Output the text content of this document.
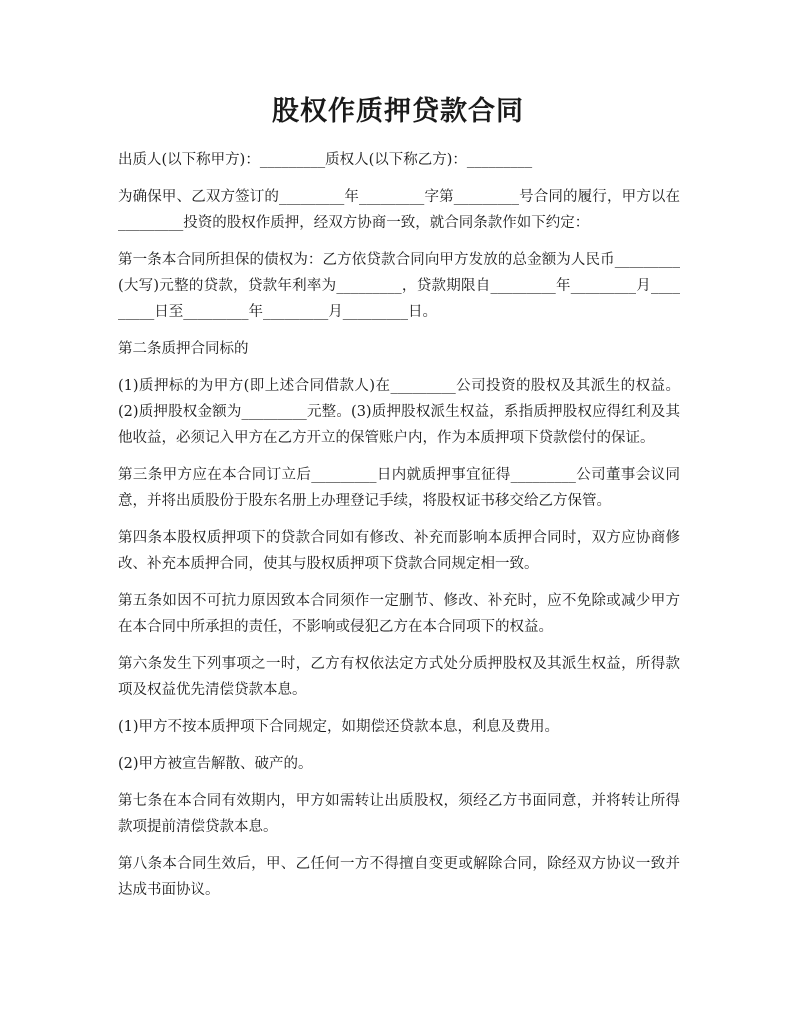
股权作质押贷款合同

出质人(以下称甲方)：_________质权人(以下称乙方)：_________

为确保甲、乙双方签订的_________年_________字第_________号合同的履行，甲方以在_________投资的股权作质押，经双方协商一致，就合同条款作如下约定：

第一条本合同所担保的债权为：乙方依贷款合同向甲方发放的总金额为人民币_________(大写)元整的贷款，贷款年利率为_________，贷款期限自_________年_________月_________日至_________年_________月_________日。

第二条质押合同标的

(1)质押标的为甲方(即上述合同借款人)在_________公司投资的股权及其派生的权益。(2)质押股权金额为_________元整。(3)质押股权派生权益，系指质押股权应得红利及其他收益，必须记入甲方在乙方开立的保管账户内，作为本质押项下贷款偿付的保证。

第三条甲方应在本合同订立后_________日内就质押事宜征得_________公司董事会议同意，并将出质股份于股东名册上办理登记手续，将股权证书移交给乙方保管。

第四条本股权质押项下的贷款合同如有修改、补充而影响本质押合同时，双方应协商修改、补充本质押合同，使其与股权质押项下贷款合同规定相一致。

第五条如因不可抗力原因致本合同须作一定删节、修改、补充时，应不免除或减少甲方在本合同中所承担的责任，不影响或侵犯乙方在本合同项下的权益。

第六条发生下列事项之一时，乙方有权依法定方式处分质押股权及其派生权益，所得款项及权益优先清偿贷款本息。

(1)甲方不按本质押项下合同规定，如期偿还贷款本息，利息及费用。

(2)甲方被宣告解散、破产的。

第七条在本合同有效期内，甲方如需转让出质股权，须经乙方书面同意，并将转让所得款项提前清偿贷款本息。

第八条本合同生效后，甲、乙任何一方不得擅自变更或解除合同，除经双方协议一致并达成书面协议。
